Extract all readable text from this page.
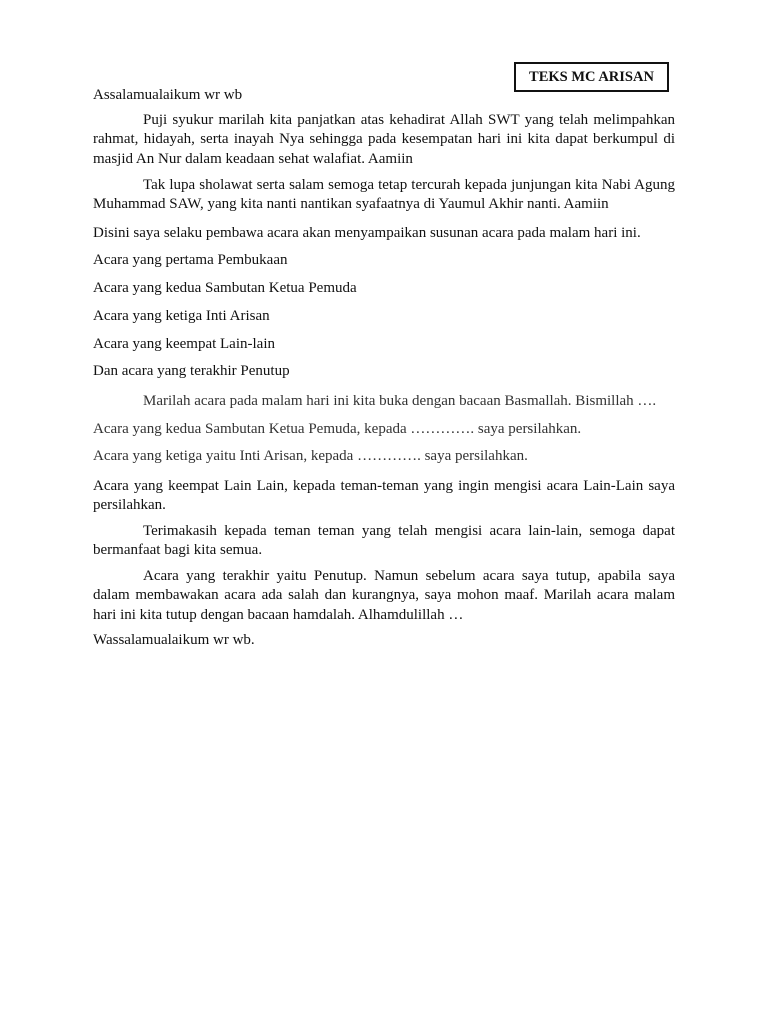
TEKS MC ARISAN

Assalamualaikum wr wb

Puji syukur marilah kita panjatkan atas kehadirat Allah SWT yang telah melimpahkan rahmat, hidayah, serta inayah Nya sehingga pada kesempatan hari ini kita dapat berkumpul di masjid An Nur dalam keadaan sehat walafiat. Aamiin

Tak lupa sholawat serta salam semoga tetap tercurah kepada junjungan kita Nabi Agung Muhammad SAW, yang kita nanti nantikan syafaatnya di Yaumul Akhir nanti. Aamiin

Disini saya selaku pembawa acara akan menyampaikan susunan acara pada malam hari ini.

Acara yang pertama Pembukaan

Acara yang kedua Sambutan Ketua Pemuda

Acara yang ketiga Inti Arisan

Acara yang keempat Lain-lain

Dan acara yang terakhir Penutup

Marilah acara pada malam hari ini kita buka dengan bacaan Basmallah. Bismillah ….

Acara yang kedua Sambutan Ketua Pemuda, kepada …………. saya persilahkan.

Acara yang ketiga yaitu Inti Arisan, kepada …………. saya persilahkan.

Acara yang keempat Lain Lain, kepada teman-teman yang ingin mengisi acara Lain-Lain saya persilahkan.

Terimakasih kepada teman teman yang telah mengisi acara lain-lain, semoga dapat bermanfaat bagi kita semua.

Acara yang terakhir yaitu Penutup. Namun sebelum acara saya tutup, apabila saya dalam membawakan acara ada salah dan kurangnya, saya mohon maaf. Marilah acara malam hari ini kita tutup dengan bacaan hamdalah. Alhamdulillah …

Wassalamualaikum wr wb.
